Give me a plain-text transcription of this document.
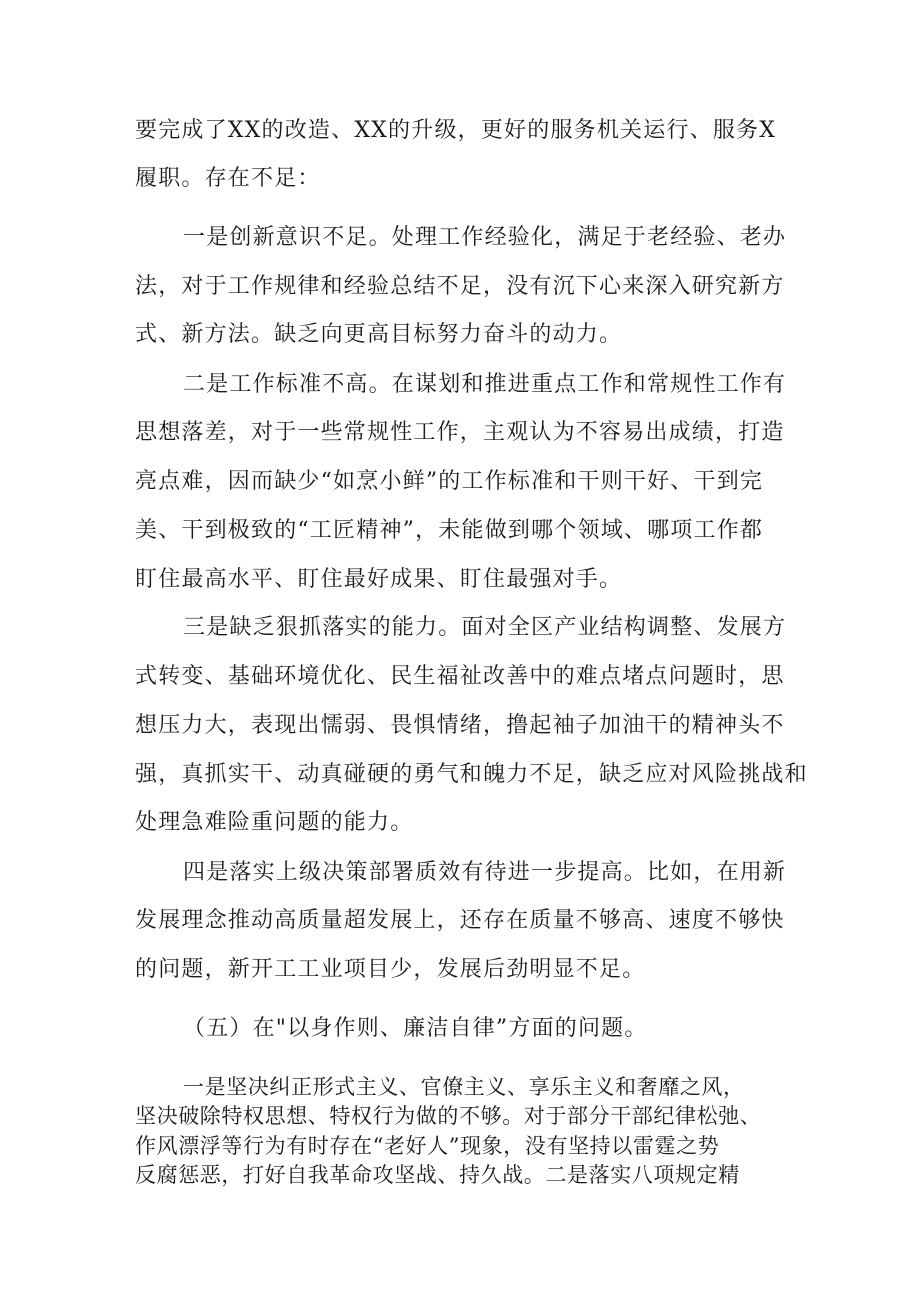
要完成了XX的改造、XX的升级，更好的服务机关运行、服务X
履职。存在不足：
一是创新意识不足。处理工作经验化，满足于老经验、老办
法，对于工作规律和经验总结不足，没有沉下心来深入研究新方
式、新方法。缺乏向更高目标努力奋斗的动力。
二是工作标准不高。在谋划和推进重点工作和常规性工作有
思想落差，对于一些常规性工作，主观认为不容易出成绩，打造
亮点难，因而缺少“如烹小鲜”的工作标准和干则干好、干到完
美、干到极致的“工匠精神”，未能做到哪个领域、哪项工作都
盯住最高水平、盯住最好成果、盯住最强对手。
三是缺乏狠抓落实的能力。面对全区产业结构调整、发展方
式转变、基础环境优化、民生福祉改善中的难点堵点问题时，思
想压力大，表现出懦弱、畏惧情绪，撸起袖子加油干的精神头不
强，真抓实干、动真碰硬的勇气和魄力不足，缺乏应对风险挑战和
处理急难险重问题的能力。
四是落实上级决策部署质效有待进一步提高。比如，在用新
发展理念推动高质量超发展上，还存在质量不够高、速度不够快
的问题，新开工工业项目少，发展后劲明显不足。
（五）在"以身作则、廉洁自律”方面的问题。
一是坚决纠正形式主义、官僚主义、享乐主义和奢靡之风，
坚决破除特权思想、特权行为做的不够。对于部分干部纪律松弛、
作风漂浮等行为有时存在“老好人”现象，没有坚持以雷霆之势
反腐惩恶，打好自我革命攻坚战、持久战。二是落实八项规定精
